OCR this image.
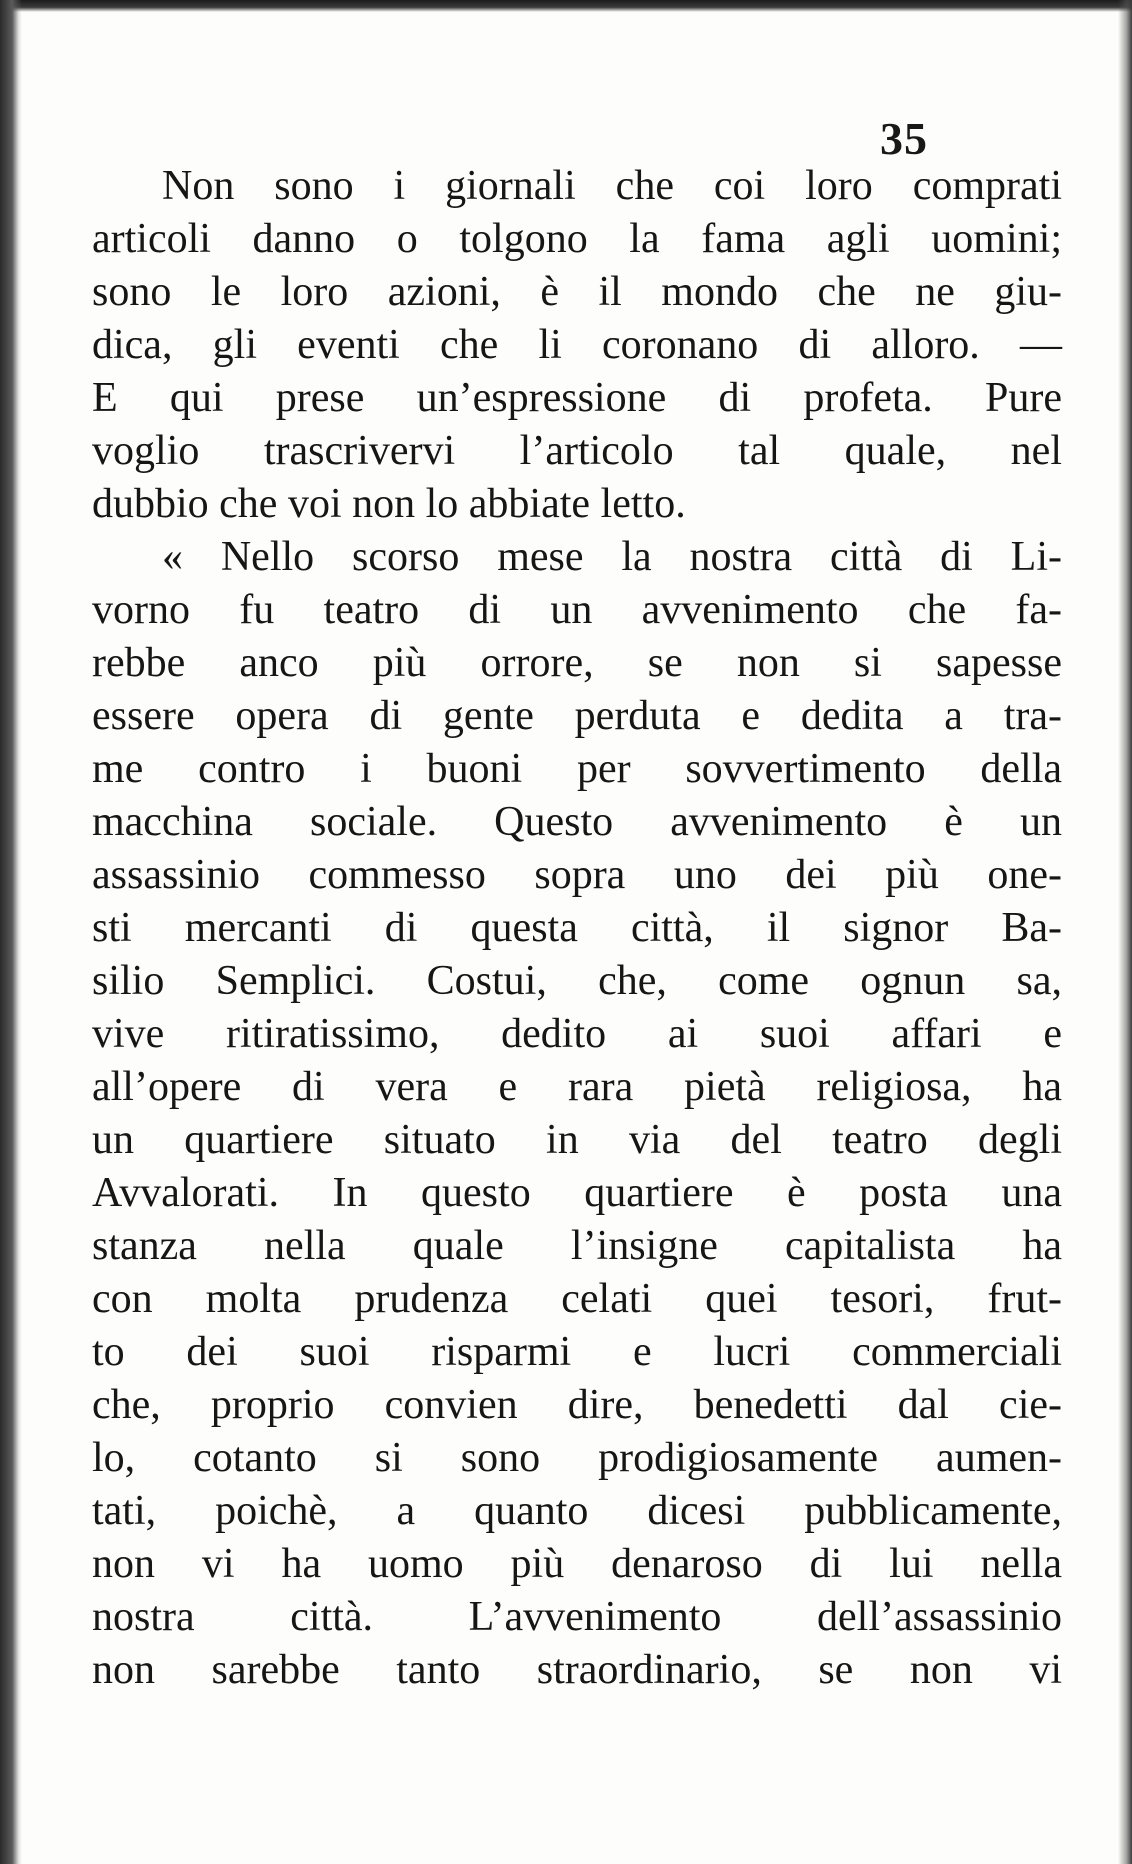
35
Non sono i giornali che coi loro comprati
articoli danno o tolgono la fama agli uomini;
sono le loro azioni, è il mondo che ne giu-
dica, gli eventi che li coronano di alloro. —
E qui prese un’espressione di profeta. Pure
voglio trascrivervi l’articolo tal quale, nel
dubbio che voi non lo abbiate letto.
« Nello scorso mese la nostra città di Li-
vorno fu teatro di un avvenimento che fa-
rebbe anco più orrore, se non si sapesse
essere opera di gente perduta e dedita a tra-
me contro i buoni per sovvertimento della
macchina sociale. Questo avvenimento è un
assassinio commesso sopra uno dei più one-
sti mercanti di questa città, il signor Ba-
silio Semplici. Costui, che, come ognun sa,
vive ritiratissimo, dedito ai suoi affari e
all’opere di vera e rara pietà religiosa, ha
un quartiere situato in via del teatro degli
Avvalorati. In questo quartiere è posta una
stanza nella quale l’insigne capitalista ha
con molta prudenza celati quei tesori, frut-
to dei suoi risparmi e lucri commerciali
che, proprio convien dire, benedetti dal cie-
lo, cotanto si sono prodigiosamente aumen-
tati, poichè, a quanto dicesi pubblicamente,
non vi ha uomo più denaroso di lui nella
nostra città. L’avvenimento dell’assassinio
non sarebbe tanto straordinario, se non vi
